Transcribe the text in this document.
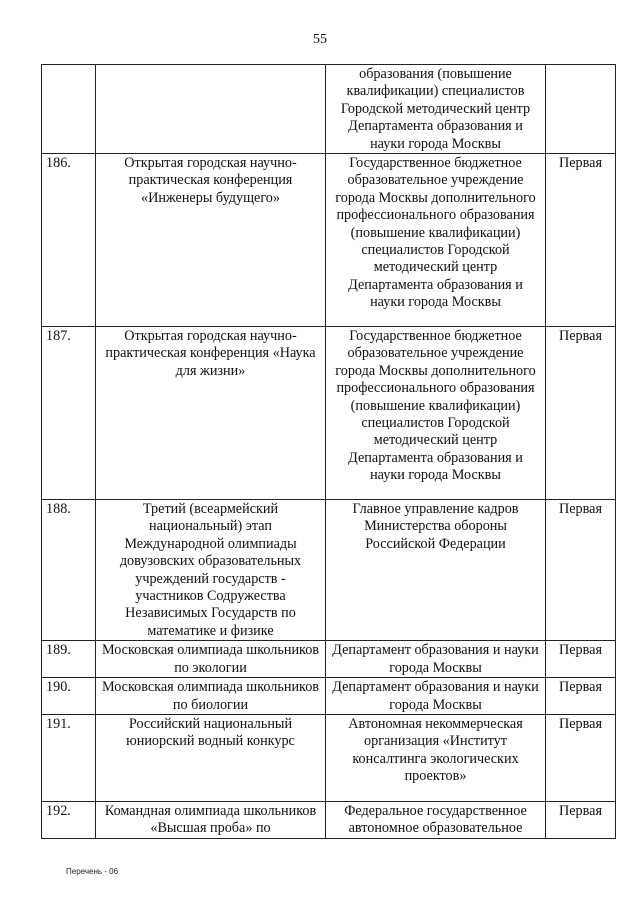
55
		образования (повышение квалификации) специалистов Городской методический центр Департамента образования и науки города Москвы	
186.	Открытая городская научно-практическая конференция «Инженеры будущего»	Государственное бюджетное образовательное учреждение города Москвы дополнительного профессионального образования (повышение квалификации) специалистов Городской методический центр Департамента образования и науки города Москвы	Первая
187.	Открытая городская научно-практическая конференция «Наука для жизни»	Государственное бюджетное образовательное учреждение города Москвы дополнительного профессионального образования (повышение квалификации) специалистов Городской методический центр Департамента образования и науки города Москвы	Первая
188.	Третий (всеармейский национальный) этап Международной олимпиады довузовских образовательных учреждений государств - участников Содружества Независимых Государств по математике и физике	Главное управление кадров Министерства обороны Российской Федерации	Первая
189.	Московская олимпиада школьников по экологии	Департамент образования и науки города Москвы	Первая
190.	Московская олимпиада школьников по биологии	Департамент образования и науки города Москвы	Первая
191.	Российский национальный юниорский водный конкурс	Автономная некоммерческая организация «Институт консалтинга экологических проектов»	Первая
192.	Командная олимпиада школьников «Высшая проба» по	Федеральное государственное автономное образовательное	Первая
Перечень - 06
